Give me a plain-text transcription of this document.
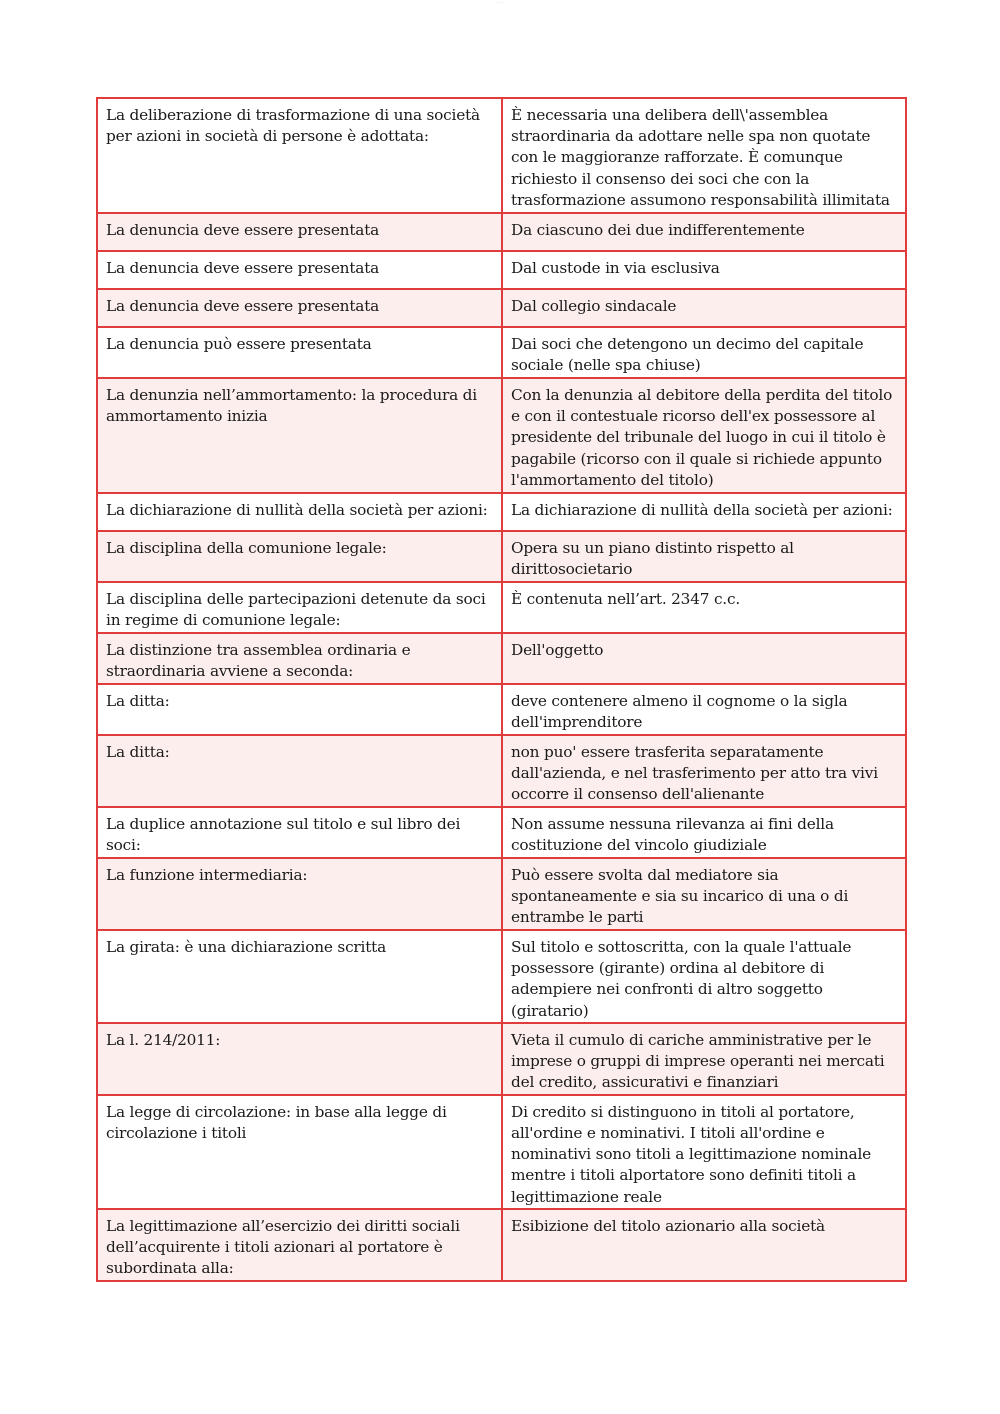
········
La deliberazione di trasformazione di una società per azioni in società di persone è adottata:	È necessaria una delibera dell\'assemblea straordinaria da adottare nelle spa non quotate con le maggioranze rafforzate. È comunque richiesto il consenso dei soci che con la trasformazione assumono responsabilità illimitata
La denuncia deve essere presentata	Da ciascuno dei due indifferentemente
La denuncia deve essere presentata	Dal custode in via esclusiva
La denuncia deve essere presentata	Dal collegio sindacale
La denuncia può essere presentata	Dai soci che detengono un decimo del capitale sociale (nelle spa chiuse)
La denunzia nell’ammortamento: la procedura di ammortamento inizia	Con la denunzia al debitore della perdita del titolo e con il contestuale ricorso dell'ex possessore al presidente del tribunale del luogo in cui il titolo è pagabile (ricorso con il quale si richiede appunto l'ammortamento del titolo)
La dichiarazione di nullità della società per azioni:	La dichiarazione di nullità della società per azioni:
La disciplina della comunione legale:	Opera su un piano distinto rispetto al dirittosocietario
La disciplina delle partecipazioni detenute da soci in regime di comunione legale:	È contenuta nell’art. 2347 c.c.
La distinzione tra assemblea ordinaria e straordinaria avviene a seconda:	Dell'oggetto
La ditta:	deve contenere almeno il cognome o la sigla dell'imprenditore
La ditta:	non puo' essere trasferita separatamente dall'azienda, e nel trasferimento per atto tra vivi occorre il consenso dell'alienante
La duplice annotazione sul titolo e sul libro dei soci:	Non assume nessuna rilevanza ai fini della costituzione del vincolo giudiziale
La funzione intermediaria:	Può essere svolta dal mediatore sia spontaneamente e sia su incarico di una o di entrambe le parti
La girata: è una dichiarazione scritta	Sul titolo e sottoscritta, con la quale l'attuale possessore (girante) ordina al debitore di adempiere nei confronti di altro soggetto (giratario)
La l. 214/2011:	Vieta il cumulo di cariche amministrative per le imprese o gruppi di imprese operanti nei mercati del credito, assicurativi e finanziari
La legge di circolazione: in base alla legge di circolazione i titoli	Di credito si distinguono in titoli al portatore, all'ordine e nominativi. I titoli all'ordine e nominativi sono titoli a legittimazione nominale mentre i titoli alportatore sono definiti titoli a legittimazione reale
La legittimazione all’esercizio dei diritti sociali dell’acquirente i titoli azionari al portatore è subordinata alla:	Esibizione del titolo azionario alla società
